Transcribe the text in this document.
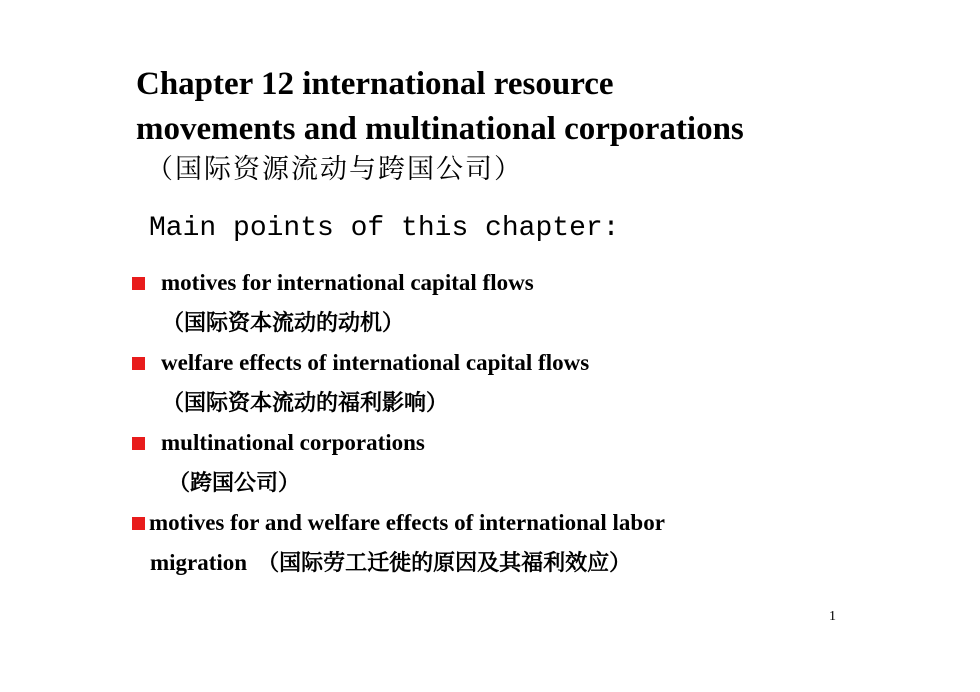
Chapter 12 international resource
movements and multinational corporations
（国际资源流动与跨国公司）
Main points of this chapter:
motives for international capital flows
（国际资本流动的动机）
welfare effects of international capital flows
（国际资本流动的福利影响）
multinational corporations
（跨国公司）
motives for and welfare effects of international labor
migration （国际劳工迁徙的原因及其福利效应）
1
